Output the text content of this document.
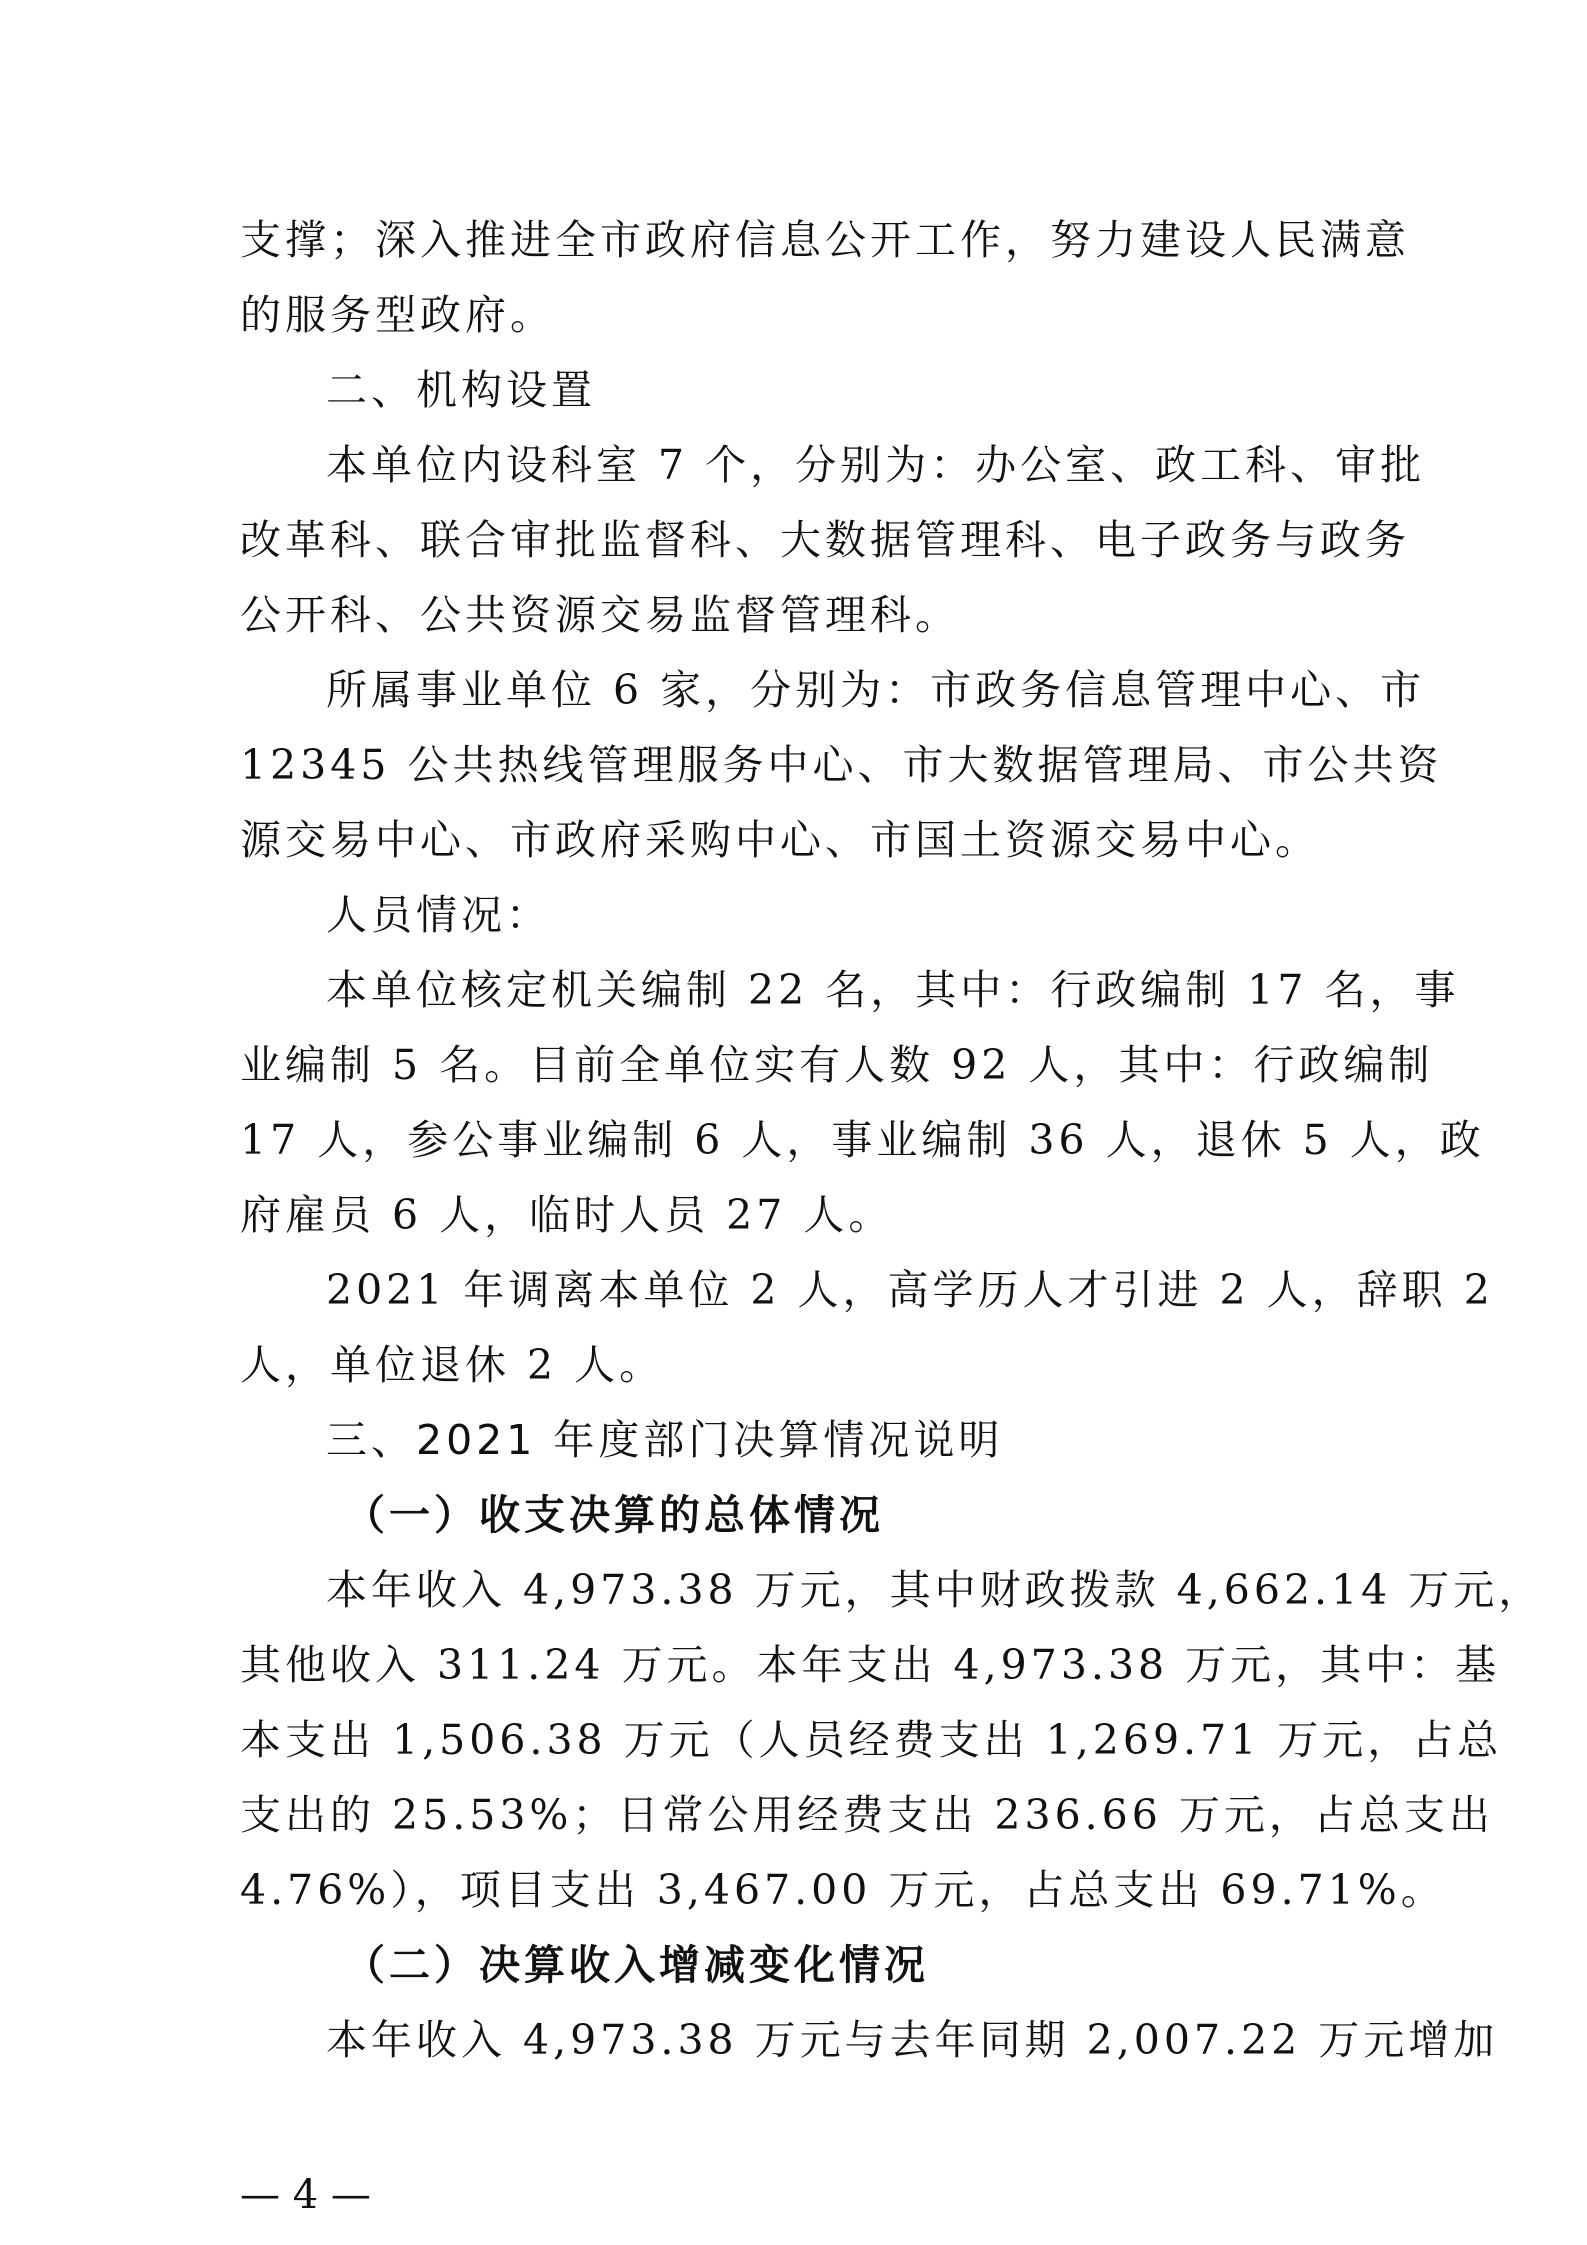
支撑；深入推进全市政府信息公开工作，努力建设人民满意
的服务型政府。
二、机构设置
本单位内设科室 7 个，分别为：办公室、政工科、审批
改革科、联合审批监督科、大数据管理科、电子政务与政务
公开科、公共资源交易监督管理科。
所属事业单位 6 家，分别为：市政务信息管理中心、市
12345 公共热线管理服务中心、市大数据管理局、市公共资
源交易中心、市政府采购中心、市国土资源交易中心。
人员情况：
本单位核定机关编制 22 名，其中：行政编制 17 名，事
业编制 5 名。目前全单位实有人数 92 人，其中：行政编制
17 人，参公事业编制 6 人，事业编制 36 人，退休 5 人，政
府雇员 6 人，临时人员 27 人。
2021 年调离本单位 2 人，高学历人才引进 2 人，辞职 2
人，单位退休 2 人。
三、2021 年度部门决算情况说明
（一）收支决算的总体情况
本年收入 4,973.38 万元，其中财政拨款 4,662.14 万元，
其他收入 311.24 万元。本年支出 4,973.38 万元，其中：基
本支出 1,506.38 万元（人员经费支出 1,269.71 万元，占总
支出的 25.53%；日常公用经费支出 236.66 万元，占总支出
4.76%），项目支出 3,467.00 万元，占总支出 69.71%。
（二）决算收入增减变化情况
本年收入 4,973.38 万元与去年同期 2,007.22 万元增加
— 4 —
